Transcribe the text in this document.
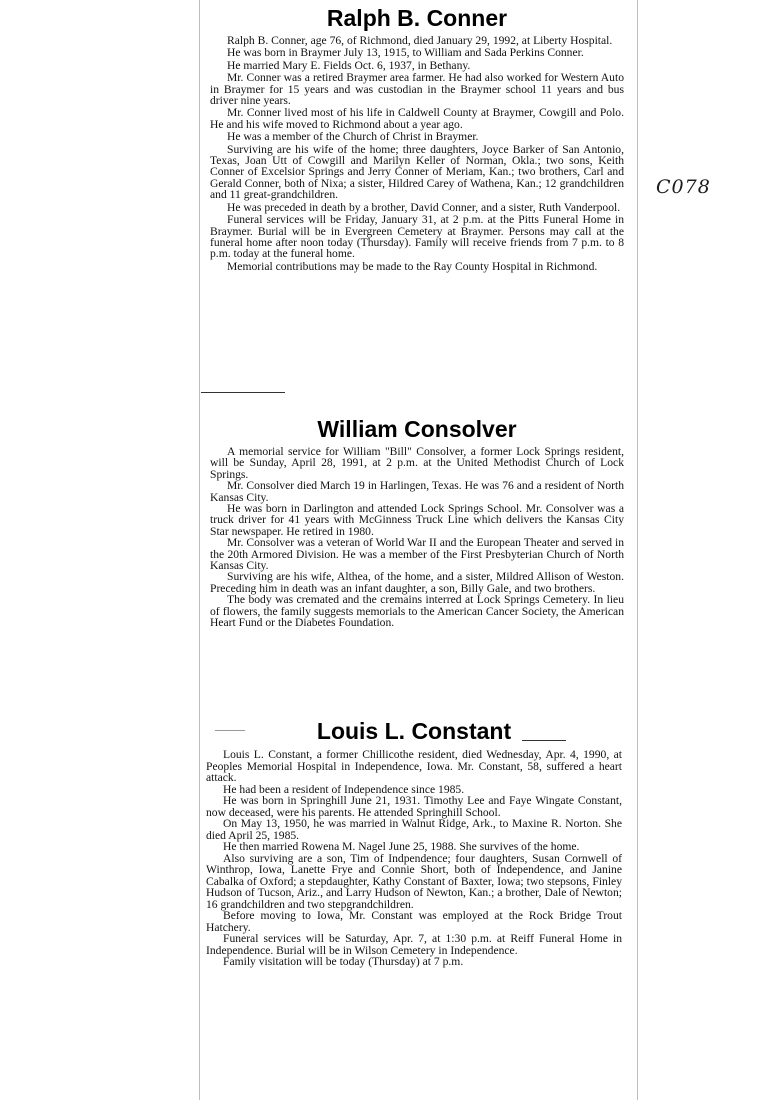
C078
Ralph B. Conner

Ralph B. Conner, age 76, of Richmond, died January 29, 1992, at Liberty Hospital.

He was born in Braymer July 13, 1915, to William and Sada Perkins Conner.

He married Mary E. Fields Oct. 6, 1937, in Bethany.

Mr. Conner was a retired Braymer area farmer. He had also worked for Western Auto in Braymer for 15 years and was custodian in the Braymer school 11 years and bus driver nine years.

Mr. Conner lived most of his life in Caldwell County at Braymer, Cowgill and Polo. He and his wife moved to Richmond about a year ago.

He was a member of the Church of Christ in Braymer.

Surviving are his wife of the home; three daughters, Joyce Barker of San Antonio, Texas, Joan Utt of Cowgill and Marilyn Keller of Norman, Okla.; two sons, Keith Conner of Excelsior Springs and Jerry Conner of Meriam, Kan.; two brothers, Carl and Gerald Conner, both of Nixa; a sister, Hildred Carey of Wathena, Kan.; 12 grandchildren and 11 great-grandchildren.

He was preceded in death by a brother, David Conner, and a sister, Ruth Vanderpool.

Funeral services will be Friday, January 31, at 2 p.m. at the Pitts Funeral Home in Braymer. Burial will be in Evergreen Cemetery at Braymer. Persons may call at the funeral home after noon today (Thursday). Family will receive friends from 7 p.m. to 8 p.m. today at the funeral home.

Memorial contributions may be made to the Ray County Hospital in Richmond.

William Consolver

A memorial service for William "Bill" Consolver, a former Lock Springs resident, will be Sunday, April 28, 1991, at 2 p.m. at the United Methodist Church of Lock Springs.

Mr. Consolver died March 19 in Harlingen, Texas. He was 76 and a resident of North Kansas City.

He was born in Darlington and attended Lock Springs School. Mr. Consolver was a truck driver for 41 years with McGinness Truck Line which delivers the Kansas City Star newspaper. He retired in 1980.

Mr. Consolver was a veteran of World War II and the European Theater and served in the 20th Armored Division. He was a member of the First Presbyterian Church of North Kansas City.

Surviving are his wife, Althea, of the home, and a sister, Mildred Allison of Weston. Preceding him in death was an infant daughter, a son, Billy Gale, and two brothers.

The body was cremated and the cremains interred at Lock Springs Cemetery. In lieu of flowers, the family suggests memorials to the American Cancer Society, the American Heart Fund or the Diabetes Foundation.

Louis L. Constant

Louis L. Constant, a former Chillicothe resident, died Wednesday, Apr. 4, 1990, at Peoples Memorial Hospital in Independence, Iowa. Mr. Constant, 58, suffered a heart attack.

He had been a resident of Independence since 1985.

He was born in Springhill June 21, 1931. Timothy Lee and Faye Wingate Constant, now deceased, were his parents. He attended Springhill School.

On May 13, 1950, he was married in Walnut Ridge, Ark., to Maxine R. Norton. She died April 25, 1985.

He then married Rowena M. Nagel June 25, 1988. She survives of the home.

Also surviving are a son, Tim of Indpendence; four daughters, Susan Cornwell of Winthrop, Iowa, Lanette Frye and Connie Short, both of Independence, and Janine Cabalka of Oxford; a stepdaughter, Kathy Constant of Baxter, Iowa; two stepsons, Finley Hudson of Tucson, Ariz., and Larry Hudson of Newton, Kan.; a brother, Dale of Newton; 16 grandchildren and two stepgrandchildren.

Before moving to Iowa, Mr. Constant was employed at the Rock Bridge Trout Hatchery.

Funeral services will be Saturday, Apr. 7, at 1:30 p.m. at Reiff Funeral Home in Independence. Burial will be in Wilson Cemetery in Independence.

Family visitation will be today (Thursday) at 7 p.m.
